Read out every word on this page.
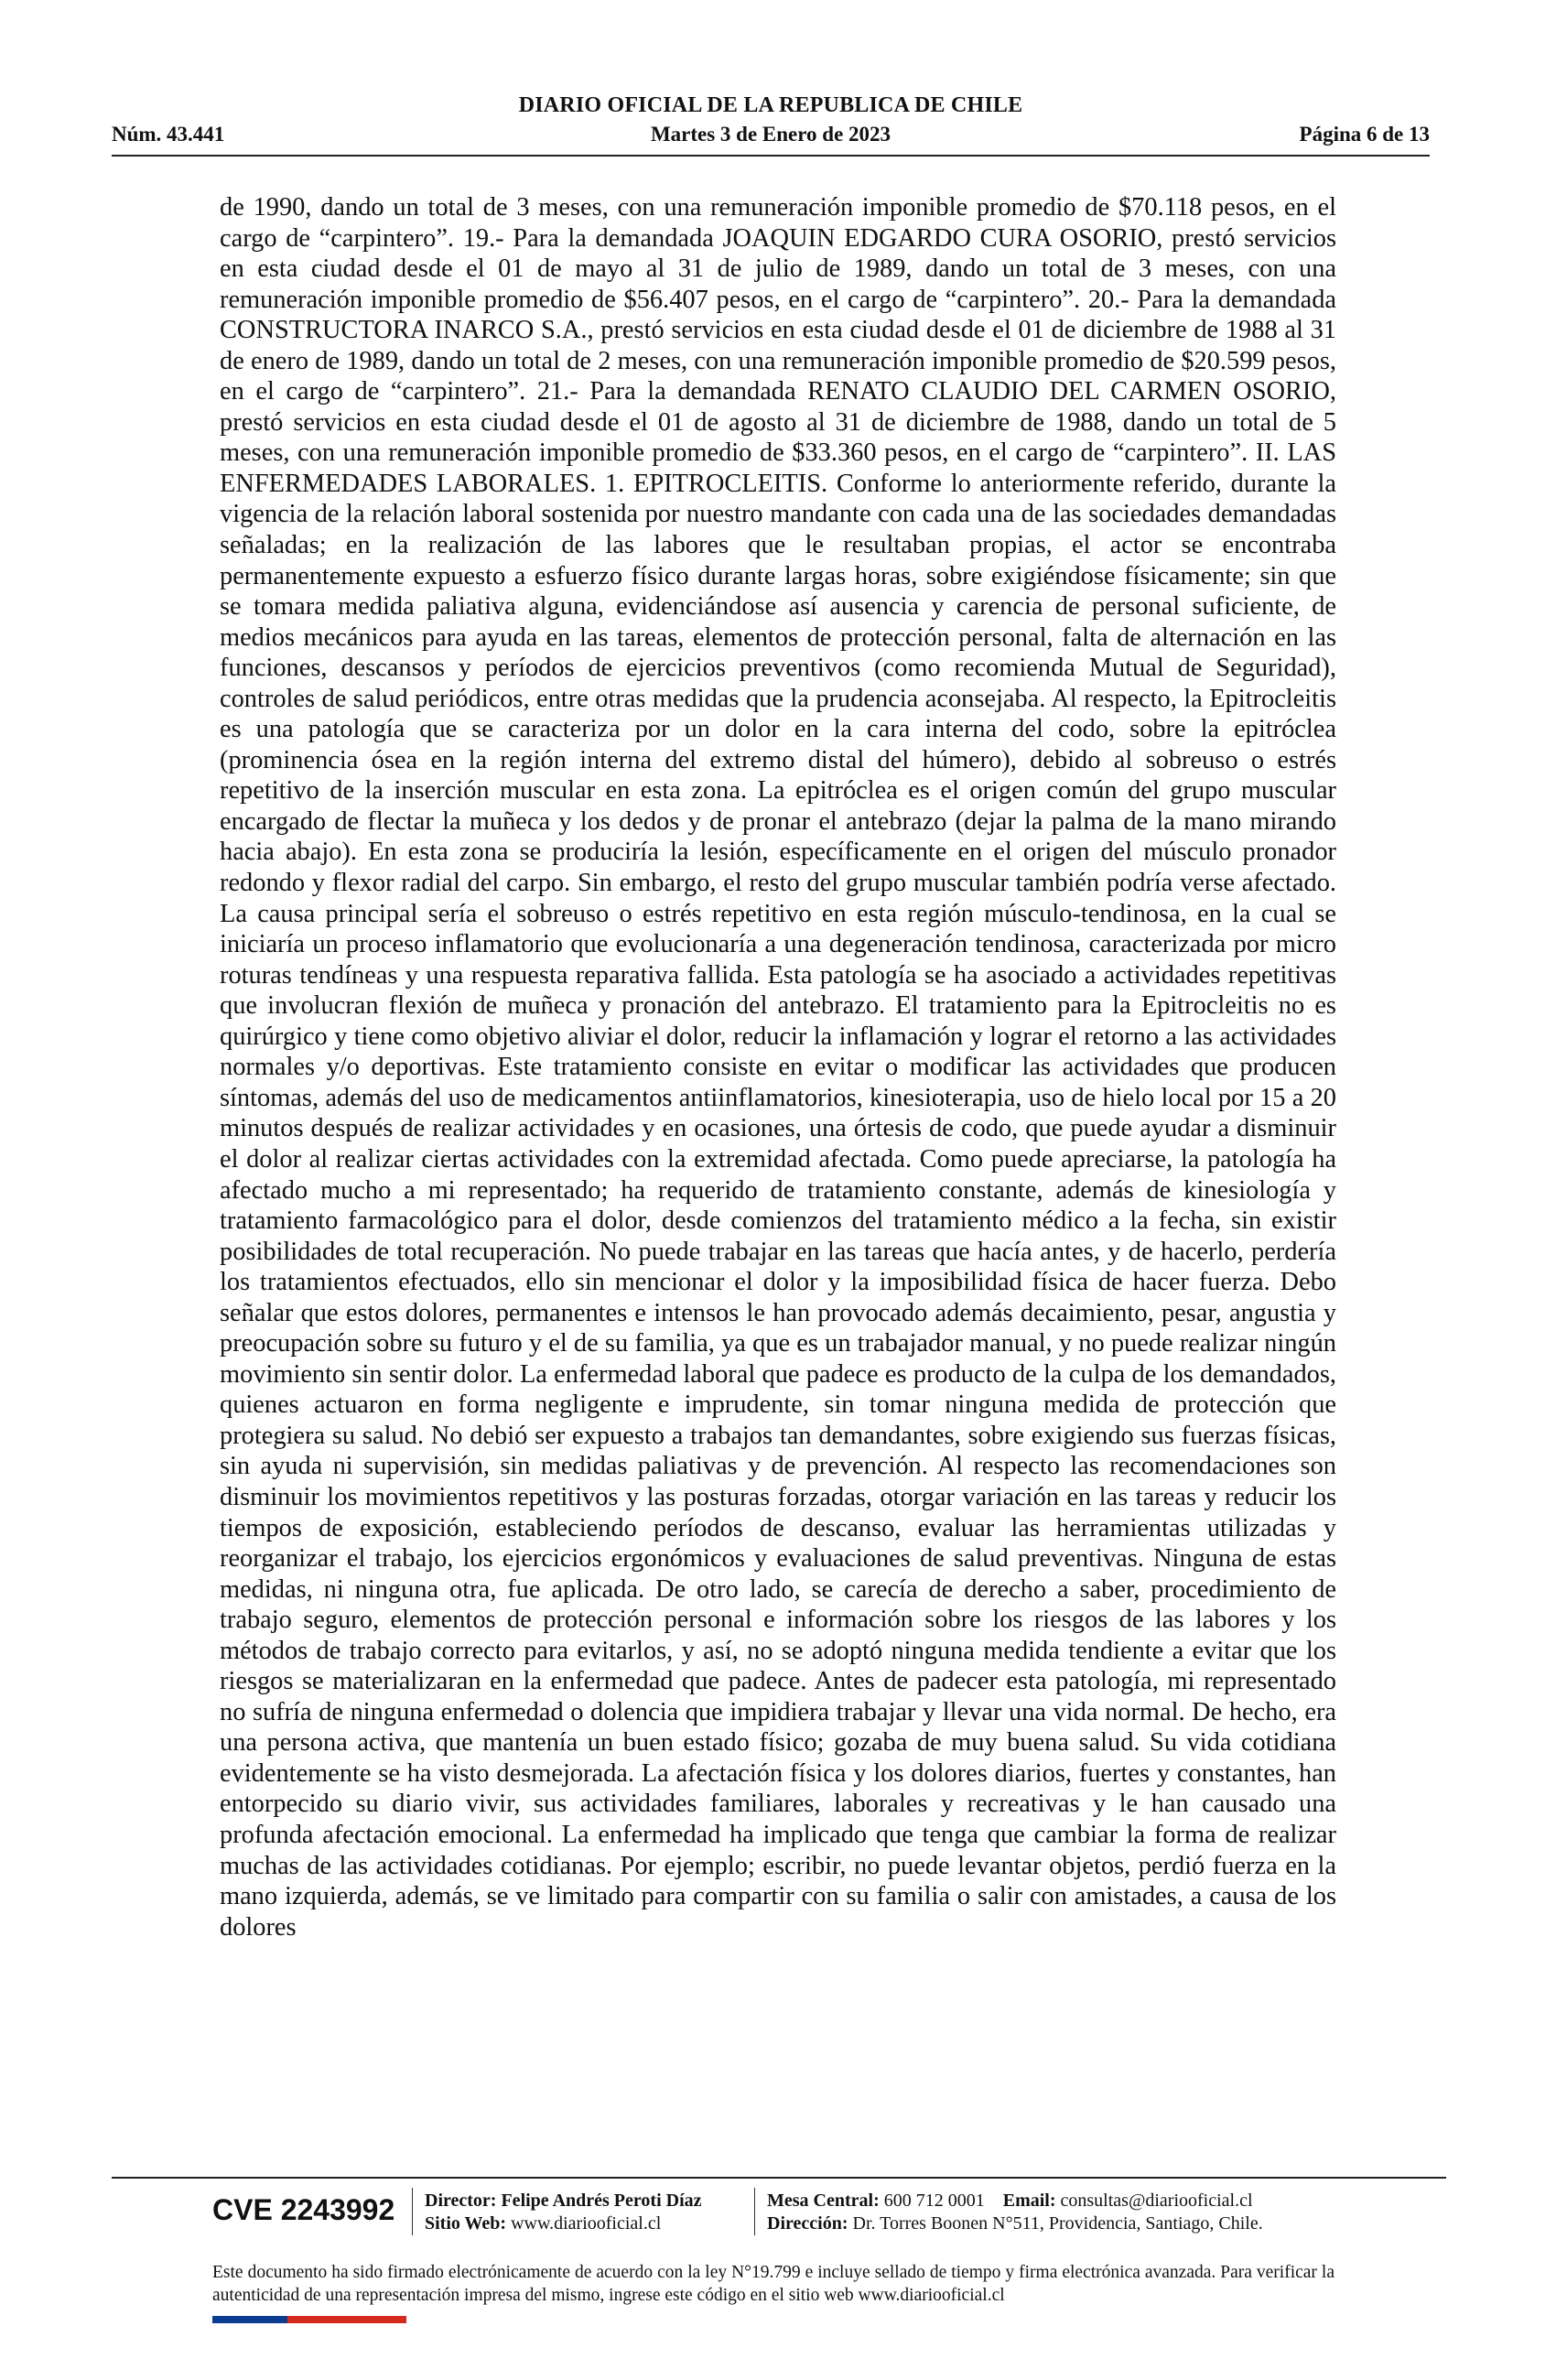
DIARIO OFICIAL DE LA REPUBLICA DE CHILE
Núm. 43.441	Martes 3 de Enero de 2023	Página 6 de 13

de 1990, dando un total de 3 meses, con una remuneración imponible promedio de $70.118 pesos, en el cargo de “carpintero”. 19.- Para la demandada JOAQUIN EDGARDO CURA OSORIO, prestó servicios en esta ciudad desde el 01 de mayo al 31 de julio de 1989, dando un total de 3 meses, con una remuneración imponible promedio de $56.407 pesos, en el cargo de “carpintero”. 20.- Para la demandada CONSTRUCTORA INARCO S.A., prestó servicios en esta ciudad desde el 01 de diciembre de 1988 al 31 de enero de 1989, dando un total de 2 meses, con una remuneración imponible promedio de $20.599 pesos, en el cargo de “carpintero”. 21.- Para la demandada RENATO CLAUDIO DEL CARMEN OSORIO, prestó servicios en esta ciudad desde el 01 de agosto al 31 de diciembre de 1988, dando un total de 5 meses, con una remuneración imponible promedio de $33.360 pesos, en el cargo de “carpintero”. II. LAS ENFERMEDADES LABORALES. 1. EPITROCLEITIS. Conforme lo anteriormente referido, durante la vigencia de la relación laboral sostenida por nuestro mandante con cada una de las sociedades demandadas señaladas; en la realización de las labores que le resultaban propias, el actor se encontraba permanentemente expuesto a esfuerzo físico durante largas horas, sobre exigiéndose físicamente; sin que se tomara medida paliativa alguna, evidenciándose así ausencia y carencia de personal suficiente, de medios mecánicos para ayuda en las tareas, elementos de protección personal, falta de alternación en las funciones, descansos y períodos de ejercicios preventivos (como recomienda Mutual de Seguridad), controles de salud periódicos, entre otras medidas que la prudencia aconsejaba. Al respecto, la Epitrocleitis es una patología que se caracteriza por un dolor en la cara interna del codo, sobre la epitróclea (prominencia ósea en la región interna del extremo distal del húmero), debido al sobreuso o estrés repetitivo de la inserción muscular en esta zona. La epitróclea es el origen común del grupo muscular encargado de flectar la muñeca y los dedos y de pronar el antebrazo (dejar la palma de la mano mirando hacia abajo). En esta zona se produciría la lesión, específicamente en el origen del músculo pronador redondo y flexor radial del carpo. Sin embargo, el resto del grupo muscular también podría verse afectado. La causa principal sería el sobreuso o estrés repetitivo en esta región músculo-tendinosa, en la cual se iniciaría un proceso inflamatorio que evolucionaría a una degeneración tendinosa, caracterizada por micro roturas tendíneas y una respuesta reparativa fallida. Esta patología se ha asociado a actividades repetitivas que involucran flexión de muñeca y pronación del antebrazo. El tratamiento para la Epitrocleitis no es quirúrgico y tiene como objetivo aliviar el dolor, reducir la inflamación y lograr el retorno a las actividades normales y/o deportivas. Este tratamiento consiste en evitar o modificar las actividades que producen síntomas, además del uso de medicamentos antiinflamatorios, kinesioterapia, uso de hielo local por 15 a 20 minutos después de realizar actividades y en ocasiones, una órtesis de codo, que puede ayudar a disminuir el dolor al realizar ciertas actividades con la extremidad afectada. Como puede apreciarse, la patología ha afectado mucho a mi representado; ha requerido de tratamiento constante, además de kinesiología y tratamiento farmacológico para el dolor, desde comienzos del tratamiento médico a la fecha, sin existir posibilidades de total recuperación. No puede trabajar en las tareas que hacía antes, y de hacerlo, perdería los tratamientos efectuados, ello sin mencionar el dolor y la imposibilidad física de hacer fuerza. Debo señalar que estos dolores, permanentes e intensos le han provocado además decaimiento, pesar, angustia y preocupación sobre su futuro y el de su familia, ya que es un trabajador manual, y no puede realizar ningún movimiento sin sentir dolor. La enfermedad laboral que padece es producto de la culpa de los demandados, quienes actuaron en forma negligente e imprudente, sin tomar ninguna medida de protección que protegiera su salud. No debió ser expuesto a trabajos tan demandantes, sobre exigiendo sus fuerzas físicas, sin ayuda ni supervisión, sin medidas paliativas y de prevención. Al respecto las recomendaciones son disminuir los movimientos repetitivos y las posturas forzadas, otorgar variación en las tareas y reducir los tiempos de exposición, estableciendo períodos de descanso, evaluar las herramientas utilizadas y reorganizar el trabajo, los ejercicios ergonómicos y evaluaciones de salud preventivas. Ninguna de estas medidas, ni ninguna otra, fue aplicada. De otro lado, se carecía de derecho a saber, procedimiento de trabajo seguro, elementos de protección personal e información sobre los riesgos de las labores y los métodos de trabajo correcto para evitarlos, y así, no se adoptó ninguna medida tendiente a evitar que los riesgos se materializaran en la enfermedad que padece. Antes de padecer esta patología, mi representado no sufría de ninguna enfermedad o dolencia que impidiera trabajar y llevar una vida normal. De hecho, era una persona activa, que mantenía un buen estado físico; gozaba de muy buena salud. Su vida cotidiana evidentemente se ha visto desmejorada. La afectación física y los dolores diarios, fuertes y constantes, han entorpecido su diario vivir, sus actividades familiares, laborales y recreativas y le han causado una profunda afectación emocional. La enfermedad ha implicado que tenga que cambiar la forma de realizar muchas de las actividades cotidianas. Por ejemplo; escribir, no puede levantar objetos, perdió fuerza en la mano izquierda, además, se ve limitado para compartir con su familia o salir con amistades, a causa de los dolores

CVE 2243992	Director: Felipe Andrés Peroti Díaz
Sitio Web: www.diariooficial.cl
Mesa Central: 600 712 0001 Email: consultas@diariooficial.cl
Dirección: Dr. Torres Boonen N°511, Providencia, Santiago, Chile.

Este documento ha sido firmado electrónicamente de acuerdo con la ley N°19.799 e incluye sellado de tiempo y firma electrónica avanzada. Para verificar la autenticidad de una representación impresa del mismo, ingrese este código en el sitio web www.diariooficial.cl
